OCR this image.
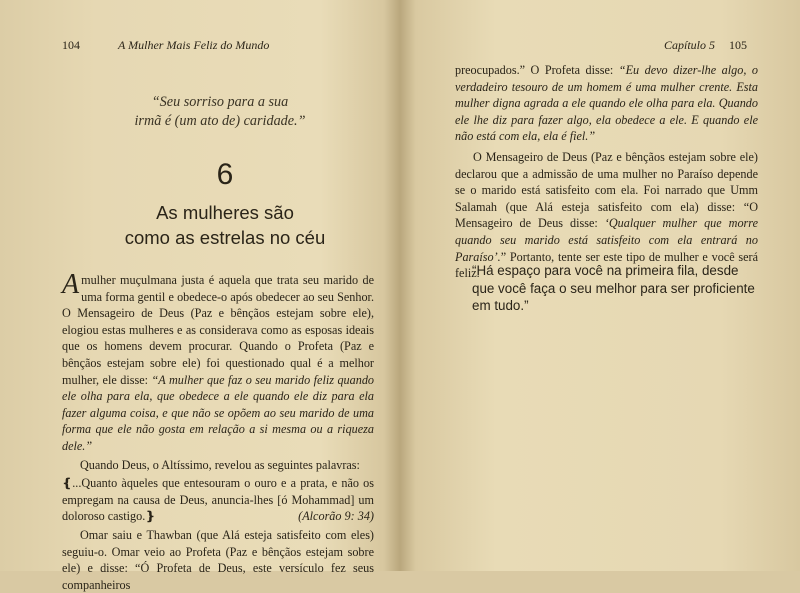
104	A Mulher Mais Feliz do Mundo
“Seu sorriso para a sua
irmã é (um ato de) caridade.”
6
As mulheres são
como as estrelas no céu

A mulher muçulmana justa é aquela que trata seu marido de uma forma gentil e obedece-o após obedecer ao seu Senhor. O Mensageiro de Deus (Paz e bênçãos estejam sobre ele), elogiou estas mulheres e as considerava como as esposas ideais que os homens devem procurar. Quando o Profeta (Paz e bênçãos estejam sobre ele) foi questionado qual é a melhor mulher, ele disse: “A mulher que faz o seu marido feliz quando ele olha para ela, que obedece a ele quando ele diz para ela fazer alguma coisa, e que não se opõem ao seu marido de uma forma que ele não gosta em relação a si mesma ou a riqueza dele.”

Quando Deus, o Altíssimo, revelou as seguintes palavras:

❴...Quanto àqueles que entesouram o ouro e a prata, e não os empregam na causa de Deus, anunciа-lhes [ó Mohammad] um doloroso castigo.❵	(Alcorão 9: 34)

Omar saiu e Thawban (que Alá esteja satisfeito com eles) seguiu-o. Omar veio ao Profeta (Paz e bênçãos estejam sobre ele) e disse: “Ó Profeta de Deus, este versículo fez seus companheiros

Capítulo 5 105

preocupados.” O Profeta disse: “Eu devo dizer-lhe algo, o verdadeiro tesouro de um homem é uma mulher crente. Esta mulher digna agrada a ele quando ele olha para ela. Quando ele lhe diz para fazer algo, ela obedece a ele. E quando ele não está com ela, ela é fiel.”

O Mensageiro de Deus (Paz e bênçãos estejam sobre ele) declarou que a admissão de uma mulher no Paraíso depende se o marido está satisfeito com ela. Foi narrado que Umm Salamah (que Alá esteja satisfeito com ela) disse: “O Mensageiro de Deus disse: ‘Qualquer mulher que morre quando seu marido está satisfeito com ela entrará no Paraíso’.” Portanto, tente ser este tipo de mulher e você será feliz.

“Há espaço para você na primeira fila, desde que você faça o seu melhor para ser proficiente em tudo.”
